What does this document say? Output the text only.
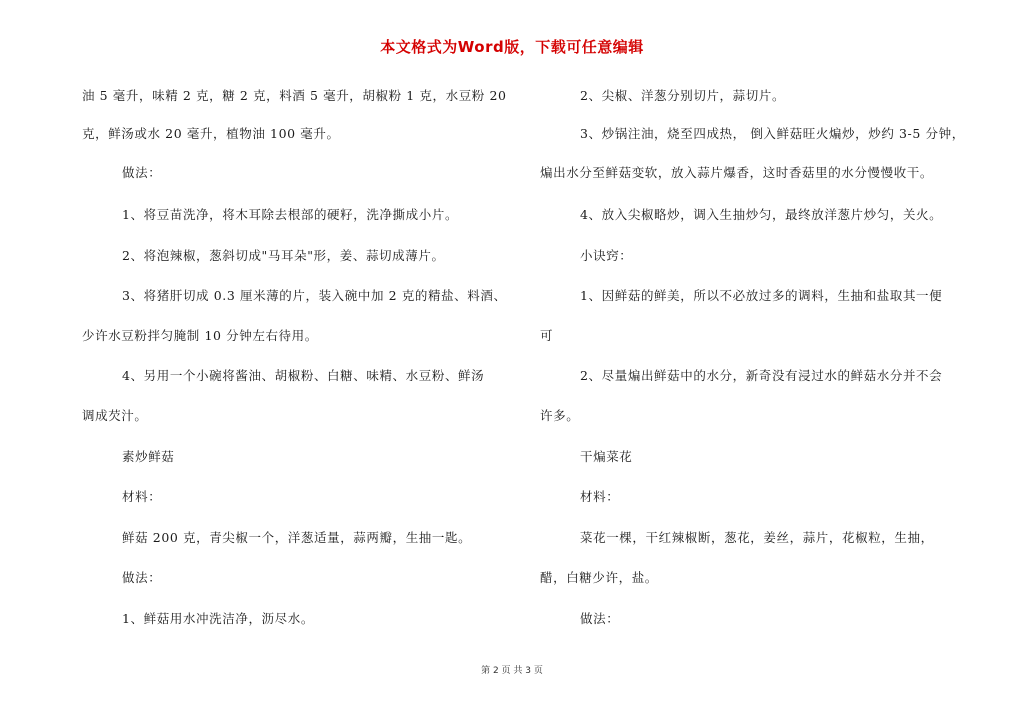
本文格式为Word版，下载可任意编辑
油 5 毫升，味精 2 克，糖 2 克，料酒 5 毫升，胡椒粉 1 克，水豆粉 20
克，鲜汤或水 20 毫升，植物油 100 毫升。
做法：
1、将豆苗洗净，将木耳除去根部的硬籽，洗净撕成小片。
2、将泡辣椒，葱斜切成"马耳朵"形，姜、蒜切成薄片。
3、将猪肝切成 0.3 厘米薄的片，装入碗中加 2 克的精盐、料酒、
少许水豆粉拌匀腌制 10 分钟左右待用。
4、另用一个小碗将酱油、胡椒粉、白糖、味精、水豆粉、鲜汤
调成芡汁。
素炒鲜菇
材料：
鲜菇 200 克，青尖椒一个，洋葱适量，蒜两瓣，生抽一匙。
做法：
1、鲜菇用水冲洗洁净，沥尽水。
2、尖椒、洋葱分别切片，蒜切片。
3、炒锅注油，烧至四成热， 倒入鲜菇旺火煸炒，炒约 3-5 分钟，
煸出水分至鲜菇变软，放入蒜片爆香，这时香菇里的水分慢慢收干。
4、放入尖椒略炒，调入生抽炒匀，最终放洋葱片炒匀，关火。
小诀窍：
1、因鲜菇的鲜美，所以不必放过多的调料，生抽和盐取其一便
可
2、尽量煸出鲜菇中的水分，新奇没有浸过水的鲜菇水分并不会
许多。
干煸菜花
材料：
菜花一棵，干红辣椒断，葱花，姜丝，蒜片，花椒粒，生抽，
醋，白糖少许，盐。
做法：
第 2 页 共 3 页
